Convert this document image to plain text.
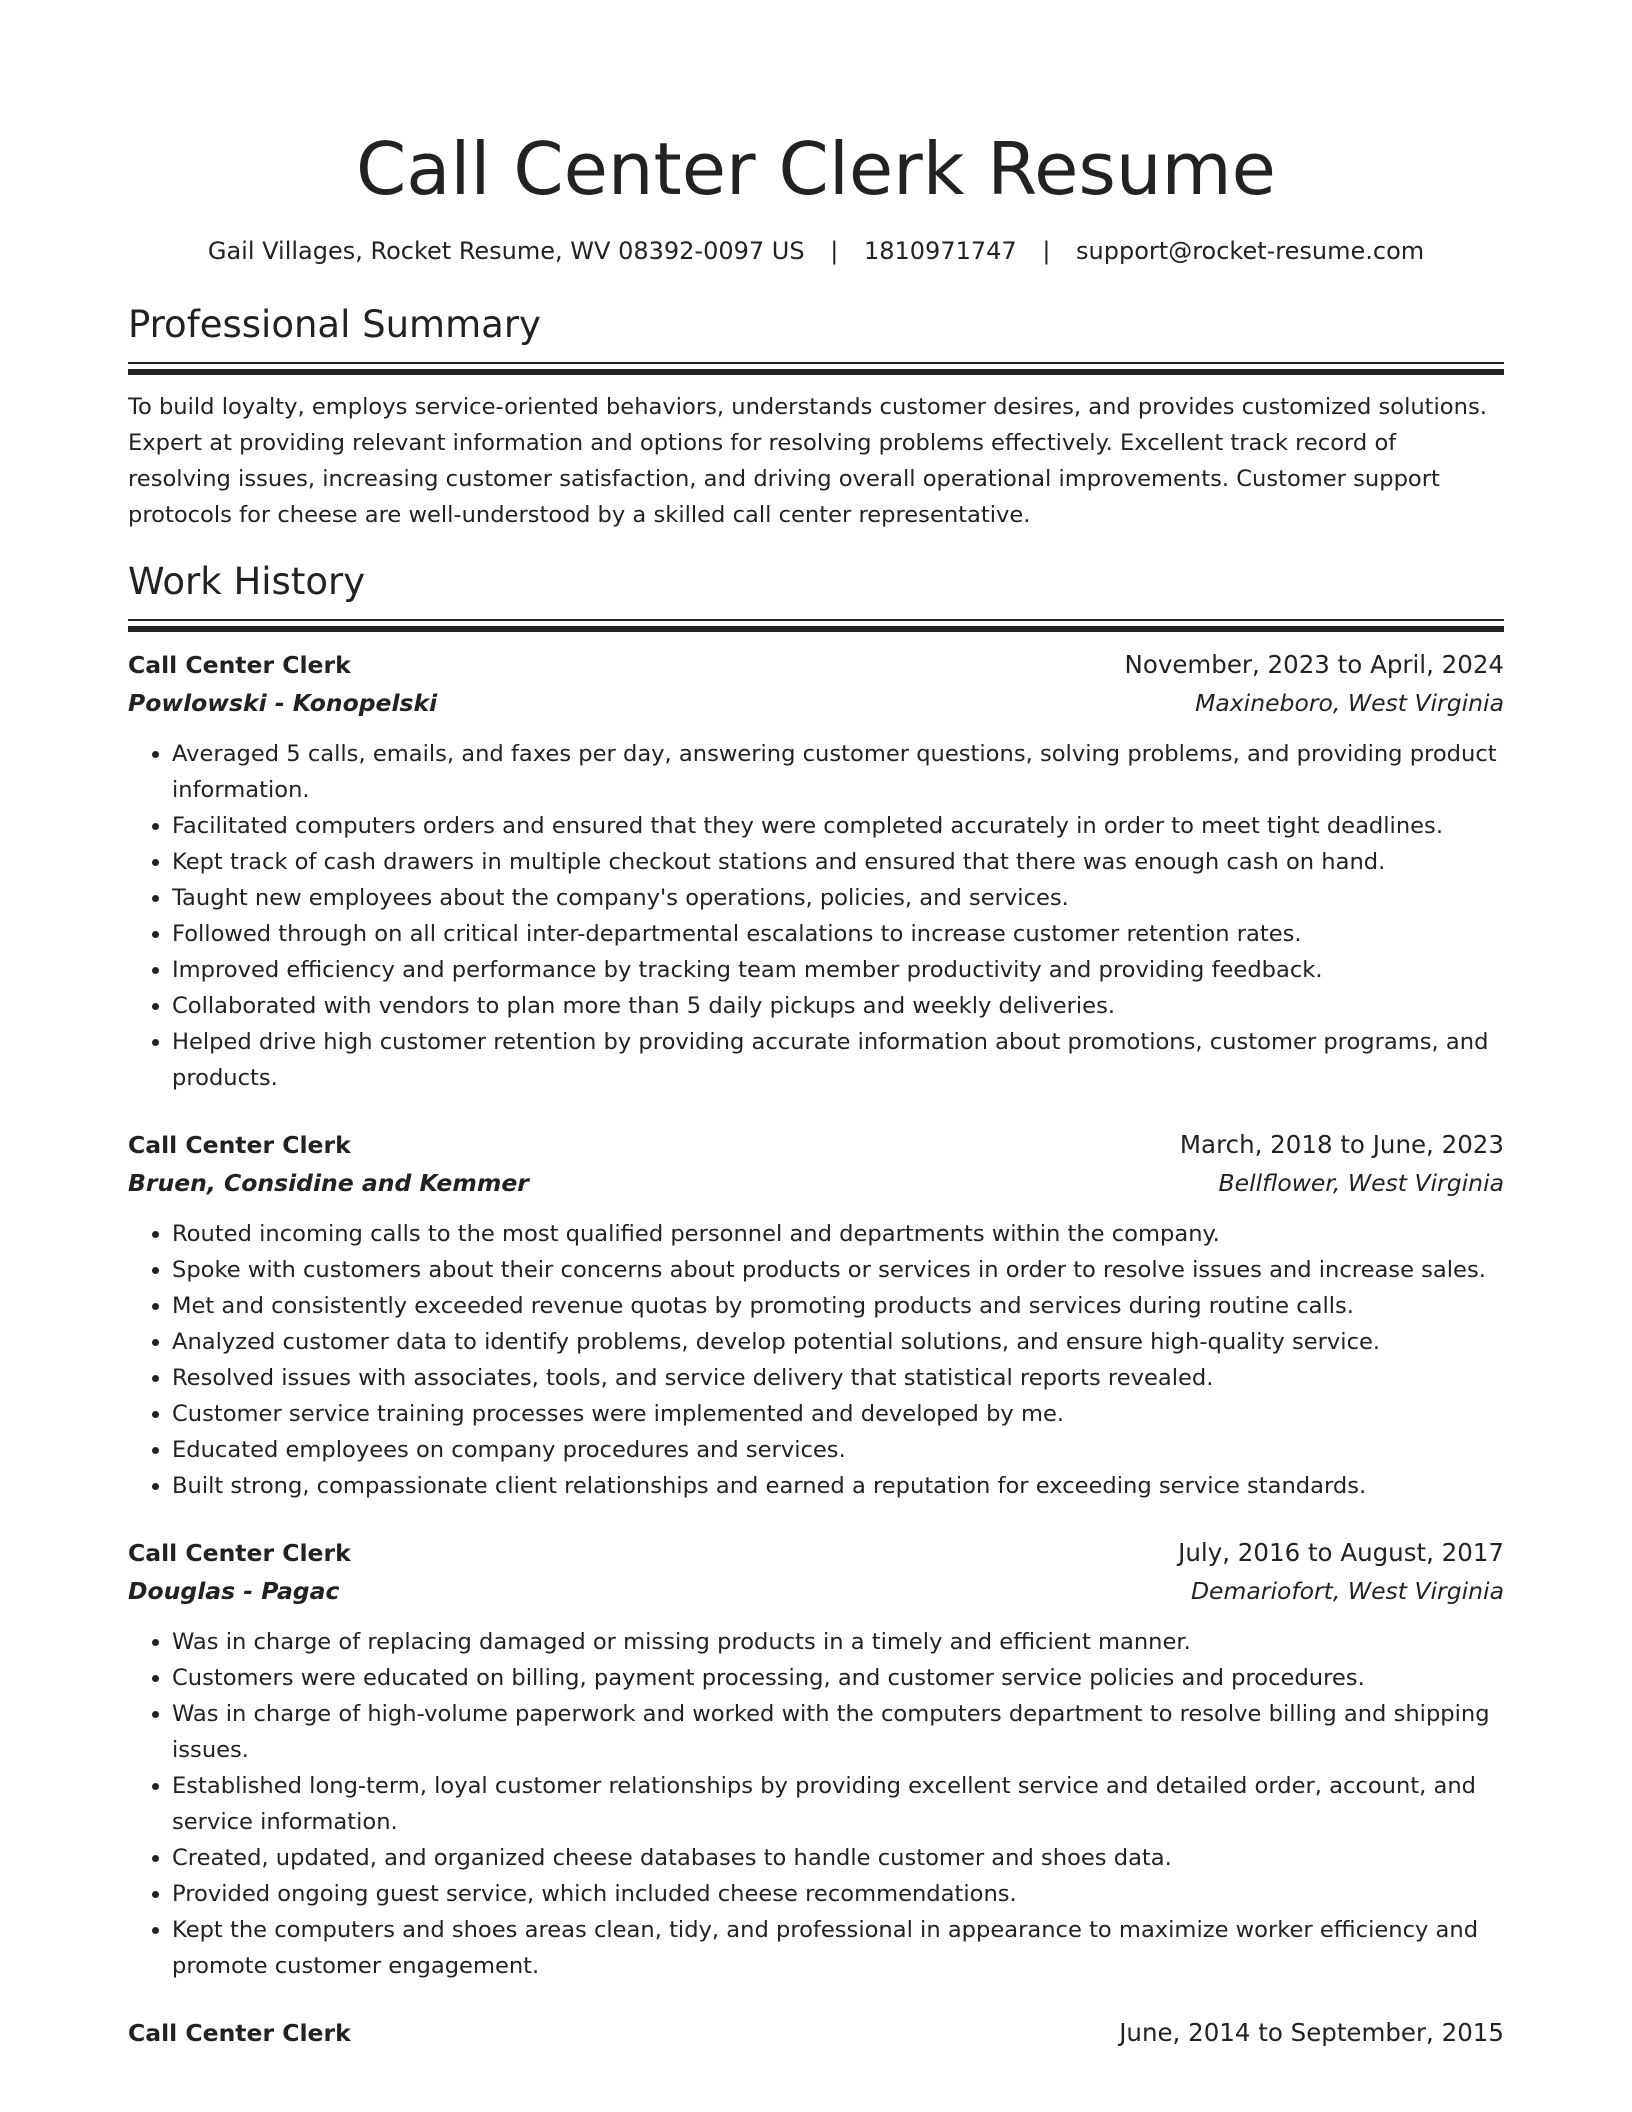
Call Center Clerk Resume
Gail Villages, Rocket Resume, WV 08392-0097 US | 1810971747 | support@rocket-resume.com
Professional Summary
To build loyalty, employs service-oriented behaviors, understands customer desires, and provides customized solutions. Expert at providing relevant information and options for resolving problems effectively. Excellent track record of resolving issues, increasing customer satisfaction, and driving overall operational improvements. Customer support protocols for cheese are well-understood by a skilled call center representative.
Work History
Call Center Clerk	November, 2023 to April, 2024
Powlowski - Konopelski	Maxineboro, West Virginia
• Averaged 5 calls, emails, and faxes per day, answering customer questions, solving problems, and providing product information.
• Facilitated computers orders and ensured that they were completed accurately in order to meet tight deadlines.
• Kept track of cash drawers in multiple checkout stations and ensured that there was enough cash on hand.
• Taught new employees about the company's operations, policies, and services.
• Followed through on all critical inter-departmental escalations to increase customer retention rates.
• Improved efficiency and performance by tracking team member productivity and providing feedback.
• Collaborated with vendors to plan more than 5 daily pickups and weekly deliveries.
• Helped drive high customer retention by providing accurate information about promotions, customer programs, and products.
Call Center Clerk	March, 2018 to June, 2023
Bruen, Considine and Kemmer	Bellflower, West Virginia
• Routed incoming calls to the most qualified personnel and departments within the company.
• Spoke with customers about their concerns about products or services in order to resolve issues and increase sales.
• Met and consistently exceeded revenue quotas by promoting products and services during routine calls.
• Analyzed customer data to identify problems, develop potential solutions, and ensure high-quality service.
• Resolved issues with associates, tools, and service delivery that statistical reports revealed.
• Customer service training processes were implemented and developed by me.
• Educated employees on company procedures and services.
• Built strong, compassionate client relationships and earned a reputation for exceeding service standards.
Call Center Clerk	July, 2016 to August, 2017
Douglas - Pagac	Demariofort, West Virginia
• Was in charge of replacing damaged or missing products in a timely and efficient manner.
• Customers were educated on billing, payment processing, and customer service policies and procedures.
• Was in charge of high-volume paperwork and worked with the computers department to resolve billing and shipping issues.
• Established long-term, loyal customer relationships by providing excellent service and detailed order, account, and service information.
• Created, updated, and organized cheese databases to handle customer and shoes data.
• Provided ongoing guest service, which included cheese recommendations.
• Kept the computers and shoes areas clean, tidy, and professional in appearance to maximize worker efficiency and promote customer engagement.
Call Center Clerk	June, 2014 to September, 2015
